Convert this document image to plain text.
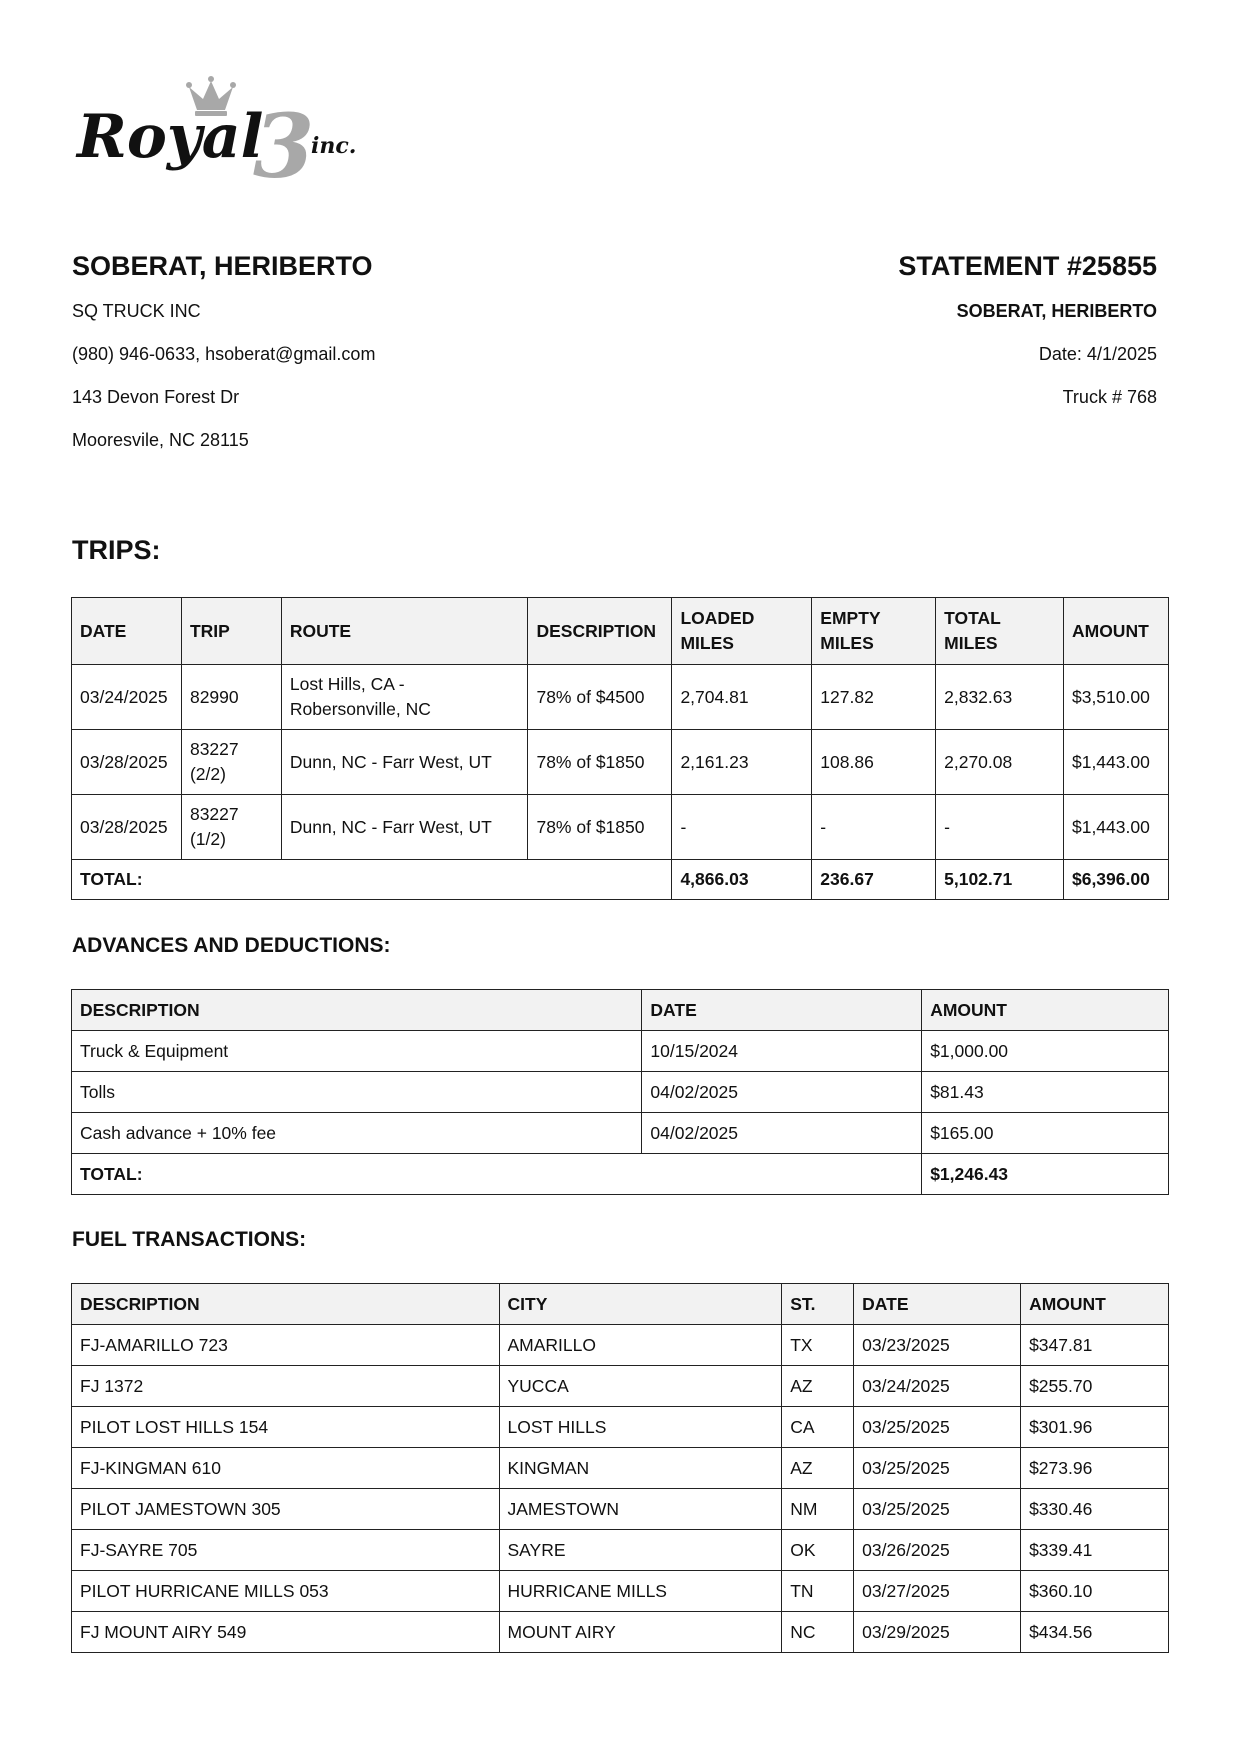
3
Royal inc.
SOBERAT, HERIBERTO
SQ TRUCK INC
(980) 946-0633, hsoberat@gmail.com
143 Devon Forest Dr
Mooresvile, NC 28115
STATEMENT #25855
SOBERAT, HERIBERTO
Date: 4/1/2025
Truck # 768
TRIPS:
DATE	TRIP	ROUTE	DESCRIPTION	LOADED MILES	EMPTY MILES	TOTAL MILES	AMOUNT
03/24/2025	82990	Lost Hills, CA - Robersonville, NC	78% of $4500	2,704.81	127.82	2,832.63	$3,510.00
03/28/2025	83227 (2/2)	Dunn, NC - Farr West, UT	78% of $1850	2,161.23	108.86	2,270.08	$1,443.00
03/28/2025	83227 (1/2)	Dunn, NC - Farr West, UT	78% of $1850	-	-	-	$1,443.00
TOTAL:				4,866.03	236.67	5,102.71	$6,396.00
ADVANCES AND DEDUCTIONS:
DESCRIPTION	DATE	AMOUNT
Truck & Equipment	10/15/2024	$1,000.00
Tolls	04/02/2025	$81.43
Cash advance + 10% fee	04/02/2025	$165.00
TOTAL:		$1,246.43
FUEL TRANSACTIONS:
DESCRIPTION	CITY	ST.	DATE	AMOUNT
FJ-AMARILLO 723	AMARILLO	TX	03/23/2025	$347.81
FJ 1372	YUCCA	AZ	03/24/2025	$255.70
PILOT LOST HILLS 154	LOST HILLS	CA	03/25/2025	$301.96
FJ-KINGMAN 610	KINGMAN	AZ	03/25/2025	$273.96
PILOT JAMESTOWN 305	JAMESTOWN	NM	03/25/2025	$330.46
FJ-SAYRE 705	SAYRE	OK	03/26/2025	$339.41
PILOT HURRICANE MILLS 053	HURRICANE MILLS	TN	03/27/2025	$360.10
FJ MOUNT AIRY 549	MOUNT AIRY	NC	03/29/2025	$434.56
